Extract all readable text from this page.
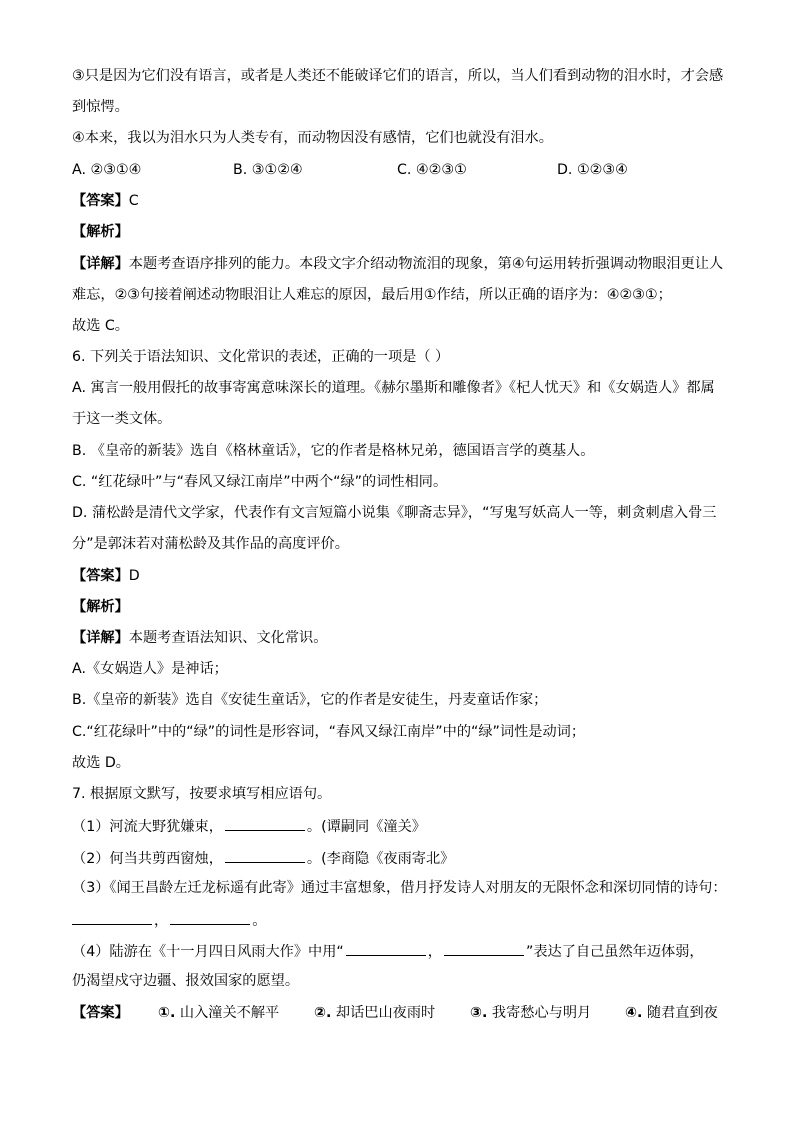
③只是因为它们没有语言，或者是人类还不能破译它们的语言，所以，当人们看到动物的泪水时，才会感
到惊愕。
④本来，我以为泪水只为人类专有，而动物因没有感情，它们也就没有泪水。
A. ②③①④	B. ③①②④	C. ④②③①	D. ①②③④
【答案】C
【解析】
【详解】本题考查语序排列的能力。本段文字介绍动物流泪的现象，第④句运用转折强调动物眼泪更让人
难忘，②③句接着阐述动物眼泪让人难忘的原因，最后用①作结，所以正确的语序为：④②③①；
故选 C。
6. 下列关于语法知识、文化常识的表述，正确的一项是（ ）
A. 寓言一般用假托的故事寄寓意味深长的道理。《赫尔墨斯和雕像者》《杞人忧天》和《女娲造人》都属
于这一类文体。
B. 《皇帝的新装》选自《格林童话》，它的作者是格林兄弟，德国语言学的奠基人。
C. “红花绿叶”与“春风又绿江南岸”中两个“绿”的词性相同。
D. 蒲松龄是清代文学家，代表作有文言短篇小说集《聊斋志异》，“写鬼写妖高人一等，刺贪刺虐入骨三
分”是郭沫若对蒲松龄及其作品的高度评价。
【答案】D
【解析】
【详解】本题考查语法知识、文化常识。
A.《女娲造人》是神话；
B.《皇帝的新装》选自《安徒生童话》，它的作者是安徒生，丹麦童话作家；
C.“红花绿叶”中的“绿”的词性是形容词，“春风又绿江南岸”中的“绿”词性是动词；
故选 D。
7. 根据原文默写，按要求填写相应语句。
（1）河流大野犹嫌束，	。(谭嗣同《潼关》
（2）何当共剪西窗烛，	。(李商隐《夜雨寄北》
（3）《闻王昌龄左迁龙标遥有此寄》通过丰富想象，借月抒发诗人对朋友的无限怀念和深切同情的诗句：
，	。
（4）陆游在《十一月四日风雨大作》中用“	，	”表达了自己虽然年迈体弱，
仍渴望戍守边疆、报效国家的愿望。
【答案】 ①. 山入潼关不解平 ②. 却话巴山夜雨时 ③. 我寄愁心与明月 ④. 随君直到夜
